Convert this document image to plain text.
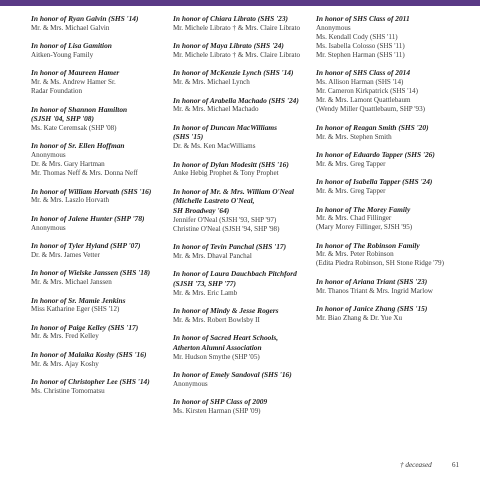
In honor of Ryan Galvin (SHS '14)
Mr. & Mrs. Michael Galvin
In honor of Lisa Gamition
Aitken-Young Family
In honor of Maureen Hamer
Mr. & Ms. Andrew Hamer Sr.
Radar Foundation
In honor of Shannon Hamilton
(SJSH '04, SHP '08)
Ms. Kate Ceremsak (SHP '08)
In honor of Sr. Ellen Hoffman
Anonymous
Dr. & Mrs. Gary Hartman
Mr. Thomas Neff & Mrs. Donna Neff
In honor of William Horvath (SHS '16)
Mr. & Mrs. Laszlo Horvath
In honor of Jalene Hunter (SHP '78)
Anonymous
In honor of Tyler Hyland (SHP '07)
Dr. & Mrs. James Vetter
In honor of Wielske Janssen (SHS '18)
Mr. & Mrs. Michael Janssen
In honor of Sr. Mamie Jenkins
Miss Katharine Eger (SHS '12)
In honor of Paige Kelley (SHS '17)
Mr. & Mrs. Fred Kelley
In honor of Malaika Koshy (SHS '16)
Mr. & Mrs. Ajay Koshy
In honor of Christopher Lee (SHS '14)
Ms. Christine Tomomatsu
In honor of Chiara Librato (SHS '23)
Mr. Michele Librato † & Mrs. Claire Librato
In honor of Maya Librato (SHS '24)
Mr. Michele Librato † & Mrs. Claire Librato
In honor of McKenzie Lynch (SHS '14)
Mr. & Mrs. Michael Lynch
In honor of Arabella Machado (SHS '24)
Mr. & Mrs. Michael Machado
In honor of Duncan MacWilliams
(SHS '15)
Dr. & Ms. Ken MacWilliams
In honor of Dylan Modesitt (SHS '16)
Anke Hebig Prophet & Tony Prophet
In honor of Mr. & Mrs. William O'Neal
(Michelle Lastreto O'Neal,
SH Broadway '64)
Jennifer O'Neal (SJSH '93, SHP '97)
Christine O'Neal (SJSH '94, SHP '98)
In honor of Tevin Panchal (SHS '17)
Mr. & Mrs. Dhaval Panchal
In honor of Laura Dauchbach Pitchford
(SJSH '73, SHP '77)
Mr. & Mrs. Eric Lamb
In honor of Mindy & Jesse Rogers
Mr. & Mrs. Robert Bowlsby II
In honor of Sacred Heart Schools,
Atherton Alumni Association
Mr. Hudson Smythe (SHP '05)
In honor of Emely Sandoval (SHS '16)
Anonymous
In honor of SHP Class of 2009
Ms. Kirsten Harman (SHP '09)
In honor of SHS Class of 2011
Anonymous
Ms. Kendall Cody (SHS '11)
Ms. Isabella Colosso (SHS '11)
Mr. Stephen Harman (SHS '11)
In honor of SHS Class of 2014
Ms. Allison Harman (SHS '14)
Mr. Cameron Kirkpatrick (SHS '14)
Mr. & Mrs. Lamont Quattlebaum
(Wendy Miller Quattlebaum, SHP '93)
In honor of Reagan Smith (SHS '20)
Mr. & Mrs. Stephen Smith
In honor of Eduardo Tapper (SHS '26)
Mr. & Mrs. Greg Tapper
In honor of Isabella Tapper (SHS '24)
Mr. & Mrs. Greg Tapper
In honor of The Morey Family
Mr. & Mrs. Chad Fillinger
(Mary Morey Fillinger, SJSH '95)
In honor of The Robinson Family
Mr. & Mrs. Peter Robinson
(Edita Piedra Robinson, SH Stone Ridge '79)
In honor of Ariana Triant (SHS '23)
Mr. Thanos Triant & Mrs. Ingrid Marlow
In honor of Janice Zhang (SHS '15)
Mr. Biao Zhang & Dr. Yue Xu
† deceased	61
